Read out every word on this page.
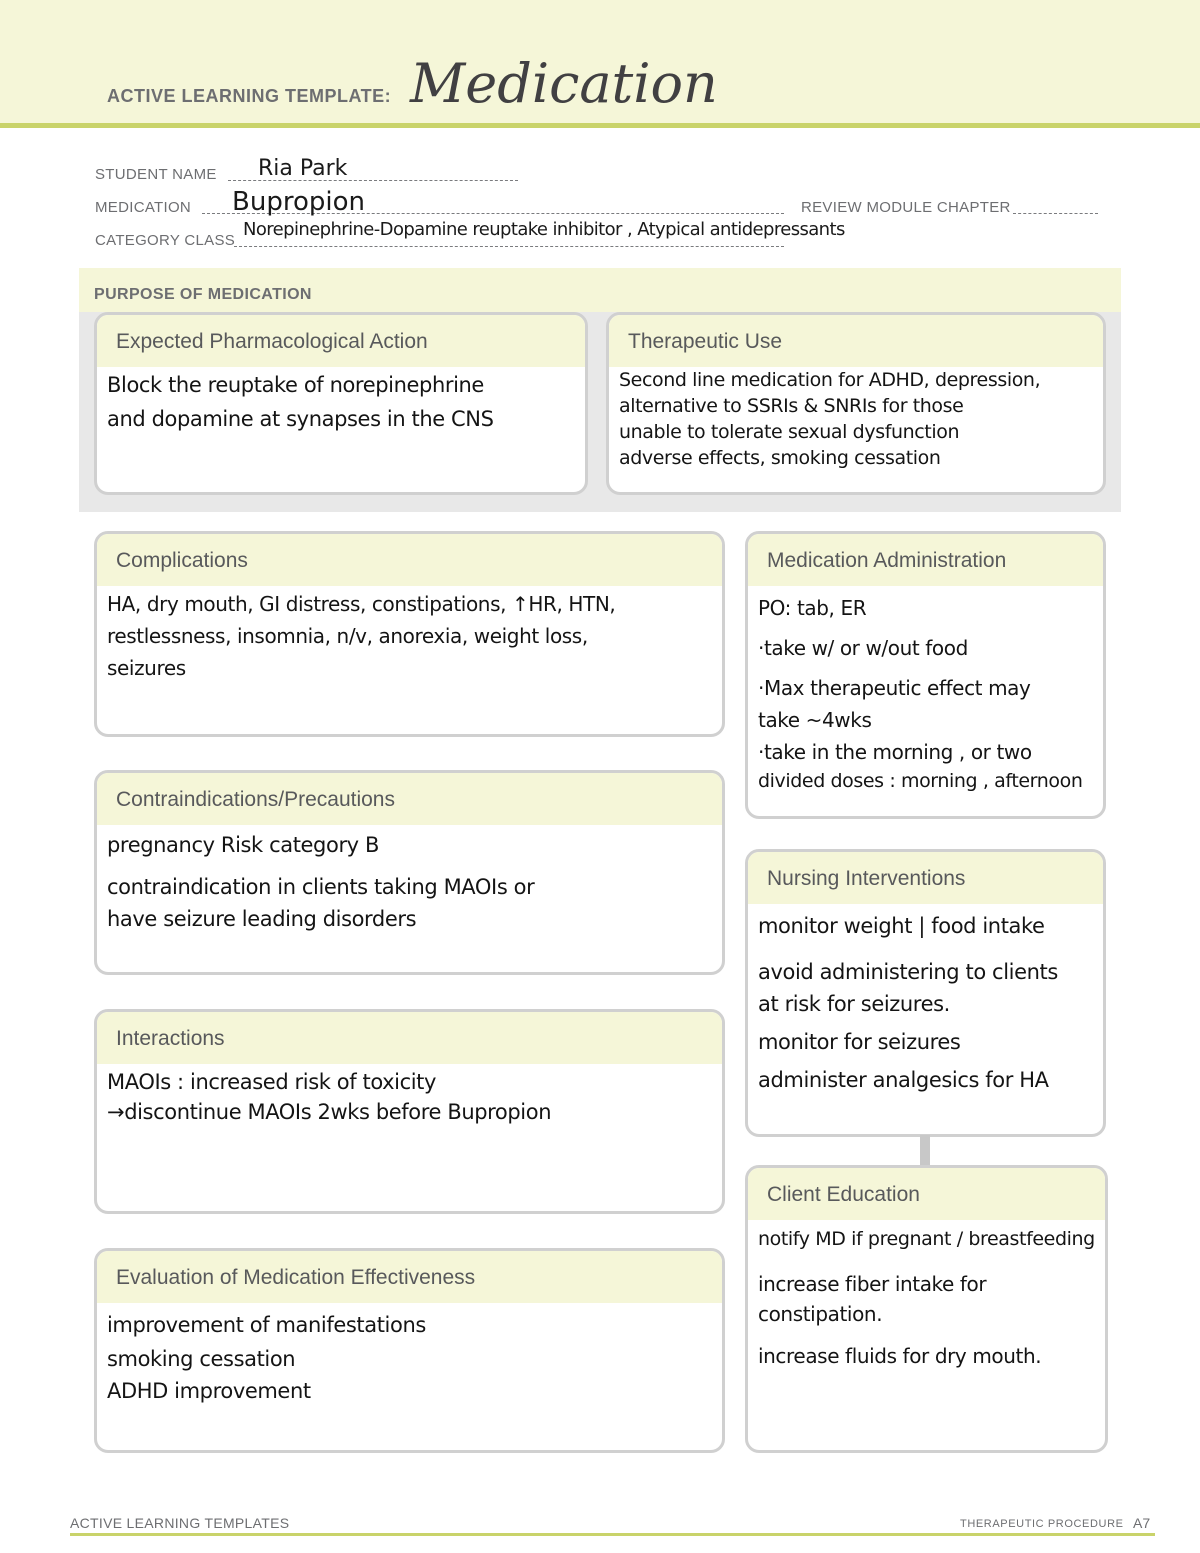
ACTIVE LEARNING TEMPLATE: Medication
STUDENT NAME Ria Park
MEDICATION Bupropion	REVIEW MODULE CHAPTER
CATEGORY CLASS
Norepinephrine-Dopamine reuptake inhibitor , Atypical antidepressants
PURPOSE OF MEDICATION
Expected Pharmacological Action
Block the reuptake of norepinephrine
and dopamine at synapses in the CNS
Therapeutic Use
Second line medication for ADHD, depression,
alternative to SSRIs & SNRIs for those
unable to tolerate sexual dysfunction
adverse effects, smoking cessation
Complications
HA, dry mouth, GI distress, constipations, ↑HR, HTN,
restlessness, insomnia, n/v, anorexia, weight loss,
seizures
Medication Administration
PO: tab, ER
·take w/ or w/out food
·Max therapeutic effect may
take ~4wks
·take in the morning , or two
divided doses : morning , afternoon
Contraindications/Precautions
pregnancy Risk category B
contraindication in clients taking MAOIs or
have seizure leading disorders
Nursing Interventions
monitor weight | food intake
avoid administering to clients
at risk for seizures.
monitor for seizures
administer analgesics for HA
Interactions
MAOIs : increased risk of toxicity
→discontinue MAOIs 2wks before Bupropion
Client Education
notify MD if pregnant / breastfeeding
increase fiber intake for
constipation.
increase fluids for dry mouth.
Evaluation of Medication Effectiveness
improvement of manifestations
smoking cessation
ADHD improvement
ACTIVE LEARNING TEMPLATES	THERAPEUTIC PROCEDURE A7
